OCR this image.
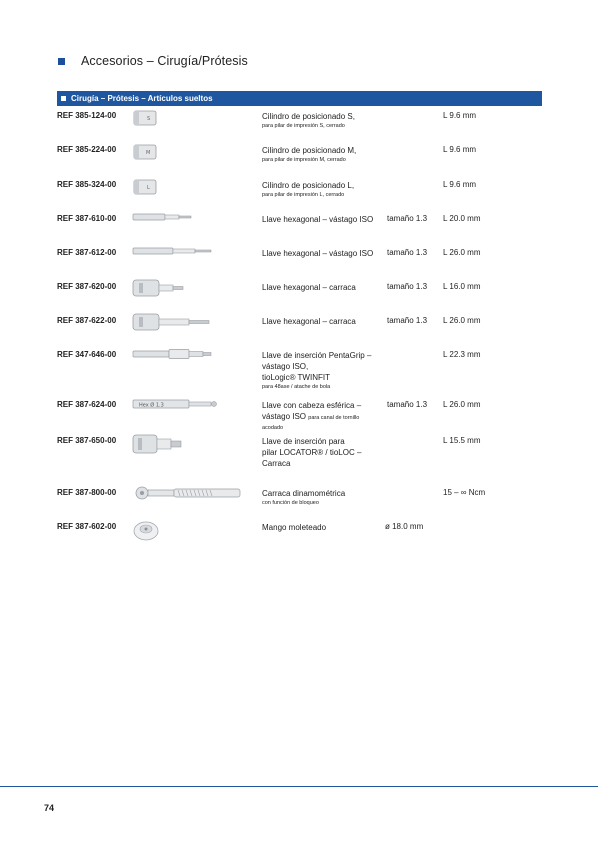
Accesorios – Cirugía/Prótesis
Cirugía – Prótesis – Artículos sueltos
REF 385-124-00	S	Cilindro de posicionado S,
para pilar de impresión S, cerrado
L 9.6 mm
REF 385-224-00	M	Cilindro de posicionado M,
para pilar de impresión M, cerrado
L 9.6 mm
REF 385-324-00	L	Cilindro de posicionado L,
para pilar de impresión L, cerrado
L 9.6 mm
REF 387-610-00	Llave hexagonal – vástago ISO	tamaño 1.3 L 20.0 mm
REF 387-612-00	Llave hexagonal – vástago ISO	tamaño 1.3 L 26.0 mm
REF 387-620-00	Llave hexagonal – carraca	tamaño 1.3 L 16.0 mm
REF 387-622-00	Llave hexagonal – carraca	tamaño 1.3 L 26.0 mm
REF 347-646-00	Llave de inserción PentaGrip –
vástago ISO,
tioLogic® TWINFIT
para 48ase / atache de bola
L 22.3 mm
REF 387-624-00	Hex Ø 1.3	Llave con cabeza esférica –
vástago ISO para canal de tornillo
acodado
tamaño 1.3 L 26.0 mm
REF 387-650-00	Llave de inserción para
pilar LOCATOR® / tioLOC –
Carraca
L 15.5 mm
REF 387-800-00	Carraca dinamométrica
con función de bloqueo
15 – ∞ Ncm
REF 387-602-00	Mango moleteado	ø 18.0 mm
74
